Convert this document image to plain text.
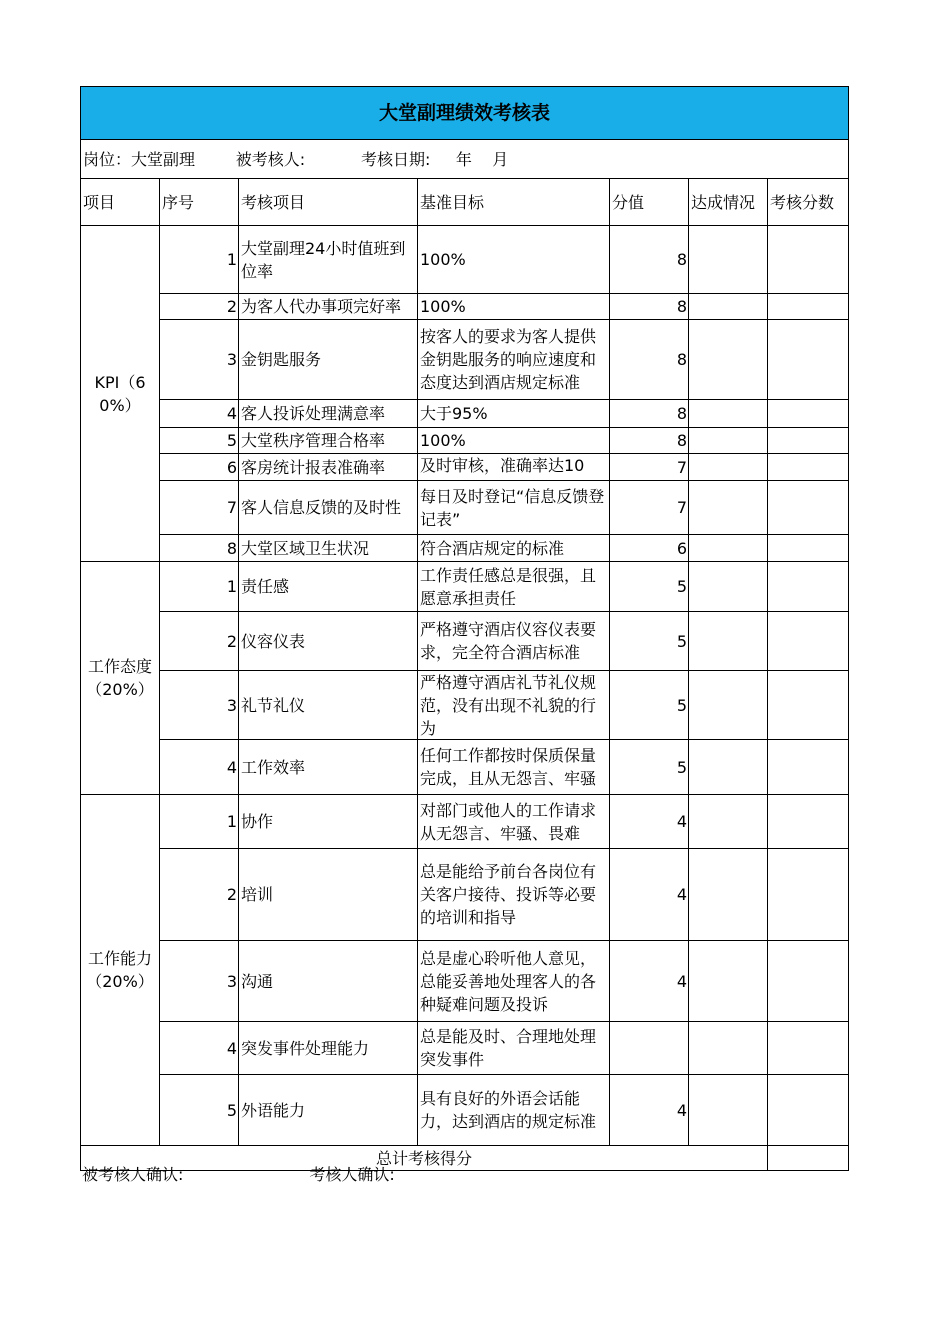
大堂副理绩效考核表						
岗位：大堂副理        被考核人:           考核日期:     年    月						
项目	序号	考核项目	基准目标	分值	达成情况	考核分数
KPI（60%）	1	大堂副理24小时值班到位率	100%	8		
	2	为客人代办事项完好率	100%	8		
	3	金钥匙服务	按客人的要求为客人提供金钥匙服务的响应速度和态度达到酒店规定标准	8		
	4	客人投诉处理满意率	大于95%	8		
	5	大堂秩序管理合格率	100%	8		
	6	客房统计报表准确率	及时审核，准确率达10	7		
	7	客人信息反馈的及时性	每日及时登记“信息反馈登记表”	7		
	8	大堂区域卫生状况	符合酒店规定的标准	6		
工作态度（20%）	1	责任感	工作责任感总是很强，且愿意承担责任	5		
	2	仪容仪表	严格遵守酒店仪容仪表要求，完全符合酒店标准	5		
	3	礼节礼仪	严格遵守酒店礼节礼仪规范，没有出现不礼貌的行为	5		
	4	工作效率	任何工作都按时保质保量完成，且从无怨言、牢骚	5		
工作能力（20%）	1	协作	对部门或他人的工作请求从无怨言、牢骚、畏难	4		
	2	培训	总是能给予前台各岗位有关客户接待、投诉等必要的培训和指导	4		
	3	沟通	总是虚心聆听他人意见，总能妥善地处理客人的各种疑难问题及投诉	4		
	4	突发事件处理能力	总是能及时、合理地处理突发事件			

	5	外语能力	具有良好的外语会话能力，达到酒店的规定标准	4		
总计考核得分	
被考核人确认:	考核人确认:
